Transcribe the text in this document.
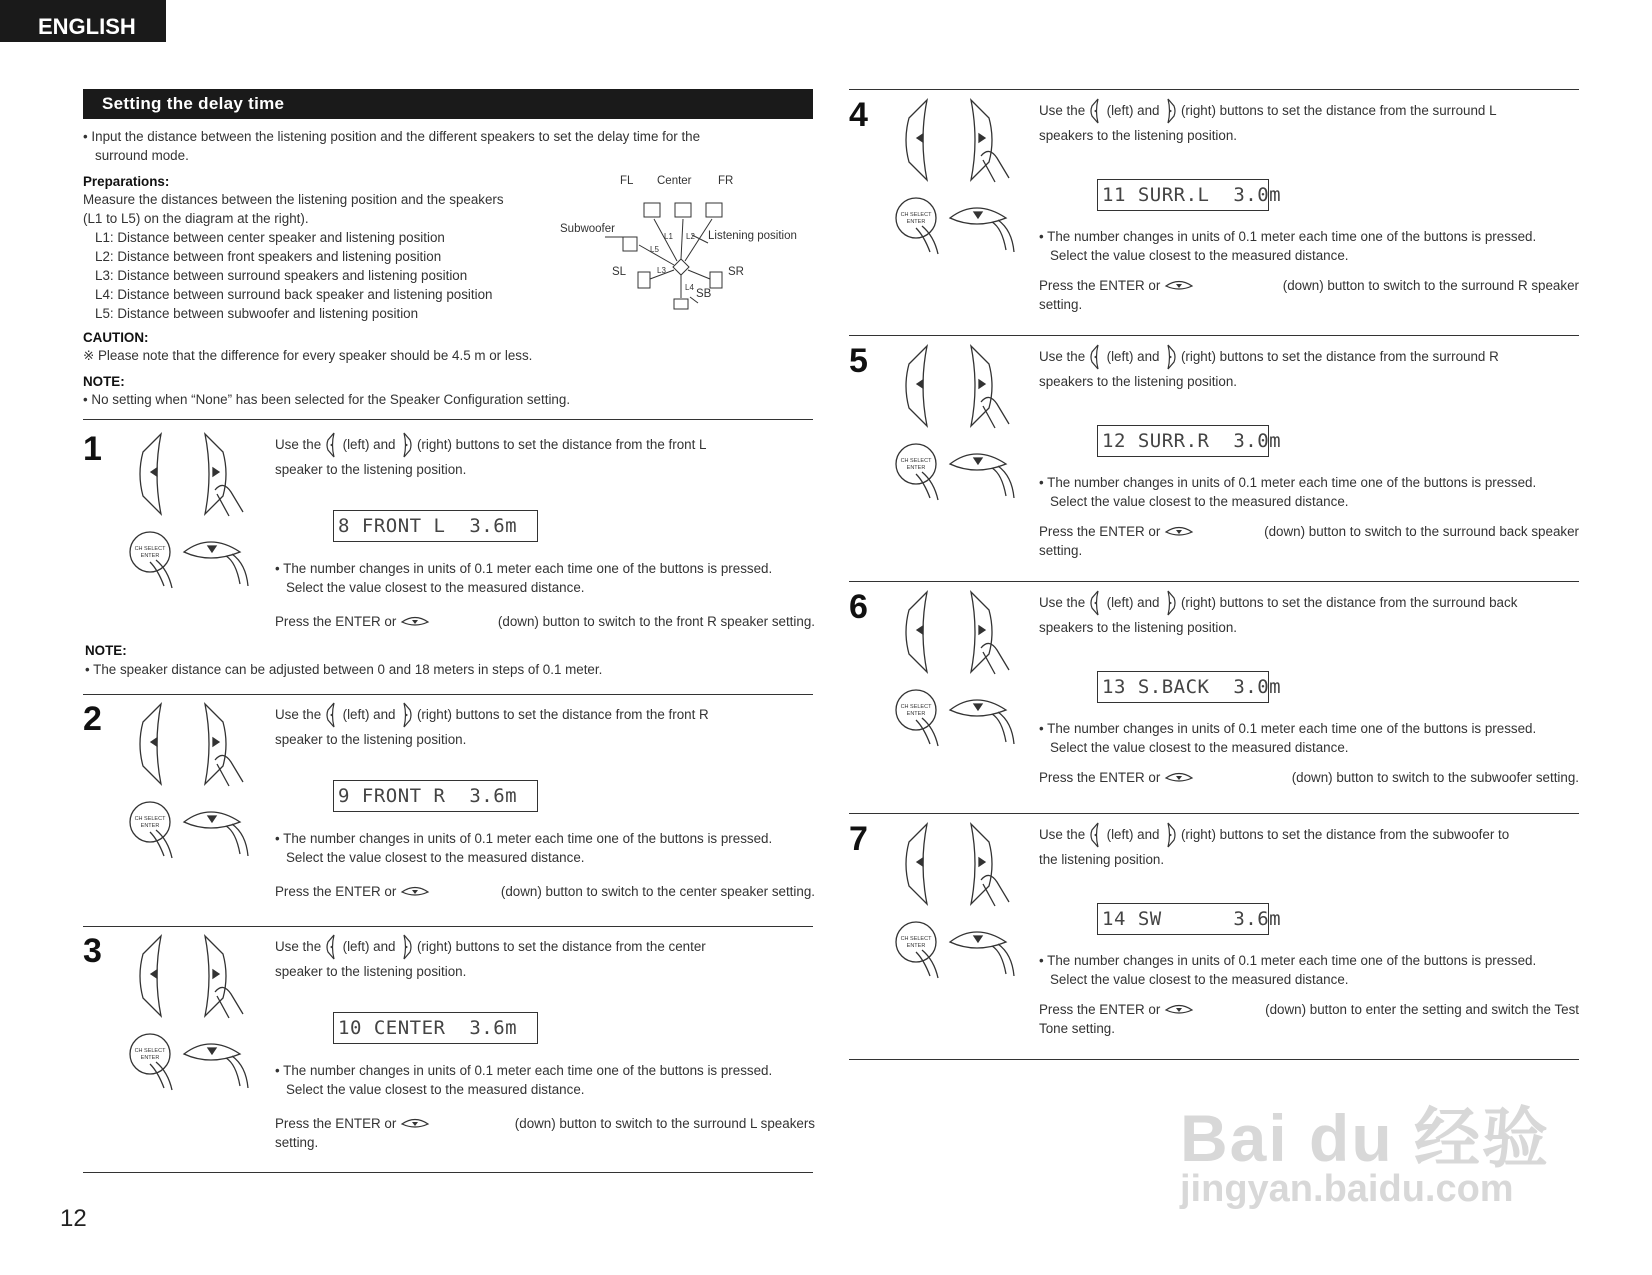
ENGLISH
Setting the delay time
• Input the distance between the listening position and the different speakers to set the delay time for the
surround mode.
Preparations:
Measure the distances between the listening position and the speakers
(L1 to L5) on the diagram at the right).
L1: Distance between center speaker and listening position
L2: Distance between front speakers and listening position
L3: Distance between surround speakers and listening position
L4: Distance between surround back speaker and listening position
L5: Distance between subwoofer and listening position
CAUTION:
※ Please note that the difference for every speaker should be 4.5 m or less.
NOTE:
• No setting when “None” has been selected for the Speaker Configuration setting.
FL Center FR
Subwoofer
Listening position
SL	SR
SB
L1 L2
L3
L4
L5
1
CH SELECT
ENTER
Use the (left) and (right) buttons to set the distance from the front L
speaker to the listening position.
8 FRONT L  3.6m
• The number changes in units of 0.1 meter each time one of the buttons is pressed.
Select the value closest to the measured distance.
Press the ENTER or	(down) button to switch to the front R speaker setting.
2
CH SELECT
ENTER
Use the (left) and (right) buttons to set the distance from the front R
speaker to the listening position.
9 FRONT R  3.6m
• The number changes in units of 0.1 meter each time one of the buttons is pressed.
Select the value closest to the measured distance.
Press the ENTER or	(down) button to switch to the center speaker setting.
3
CH SELECT
ENTER
Use the (left) and (right) buttons to set the distance from the center
speaker to the listening position.
10 CENTER  3.6m
• The number changes in units of 0.1 meter each time one of the buttons is pressed.
Select the value closest to the measured distance.
Press the ENTER or	(down) button to switch to the surround L speakers
setting.
4
CH SELECT
ENTER
Use the (left) and (right) buttons to set the distance from the surround L
speakers to the listening position.
11 SURR.L  3.0m
• The number changes in units of 0.1 meter each time one of the buttons is pressed.
Select the value closest to the measured distance.
Press the ENTER or	(down) button to switch to the surround R speaker
setting.
5
CH SELECT
ENTER
Use the (left) and (right) buttons to set the distance from the surround R
speakers to the listening position.
12 SURR.R  3.0m
• The number changes in units of 0.1 meter each time one of the buttons is pressed.
Select the value closest to the measured distance.
Press the ENTER or	(down) button to switch to the surround back speaker
setting.
6
CH SELECT
ENTER
Use the (left) and (right) buttons to set the distance from the surround back
speakers to the listening position.
13 S.BACK  3.0m
• The number changes in units of 0.1 meter each time one of the buttons is pressed.
Select the value closest to the measured distance.
Press the ENTER or	(down) button to switch to the subwoofer setting.
7
CH SELECT
ENTER
Use the (left) and (right) buttons to set the distance from the subwoofer to
the listening position.
14 SW      3.6m
• The number changes in units of 0.1 meter each time one of the buttons is pressed.
Select the value closest to the measured distance.
Press the ENTER or	(down) button to enter the setting and switch the Test
Tone setting.
NOTE:
• The speaker distance can be adjusted between 0 and 18 meters in steps of 0.1 meter.
12
Bai du 经验
jingyan.baidu.com
